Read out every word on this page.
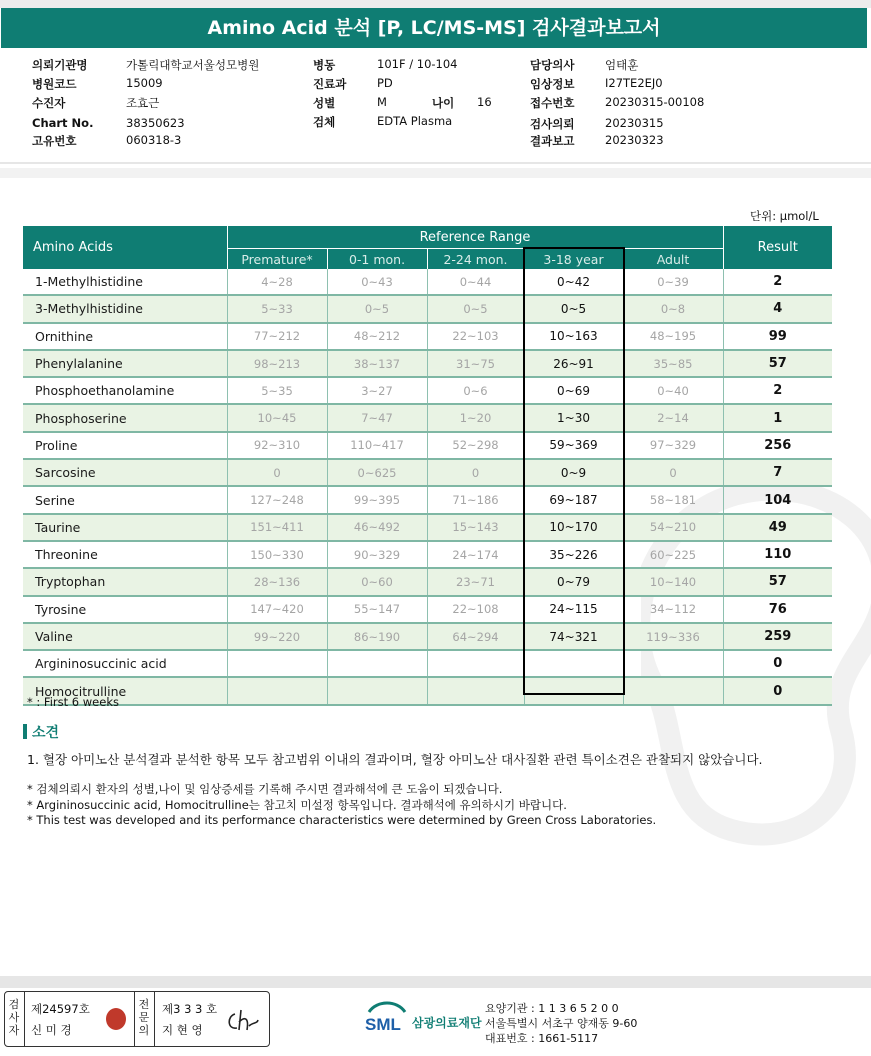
Amino Acid 분석 [P, LC/MS-MS] 검사결과보고서
의뢰기관명	가톨릭대학교서울성모병원
병원코드	15009
수진자	조효근
Chart No.	38350623
고유번호	060318-3
병동	101F / 10-104
진료과	PD
성별	M	나이 16
검체	EDTA Plasma
담당의사	엄태훈
임상정보	I27TE2EJ0
접수번호	20230315-00108
검사의뢰	20230315
결과보고	20230323
단위: μmol/L
Amino Acids	Reference Range					Result
	Premature*	0-1 mon.	2-24 mon.	3-18 year	Adult	
1-Methylhistidine	4~28	0~43	0~44	0~42	0~39	2
3-Methylhistidine	5~33	0~5	0~5	0~5	0~8	4
Ornithine	77~212	48~212	22~103	10~163	48~195	99
Phenylalanine	98~213	38~137	31~75	26~91	35~85	57
Phosphoethanolamine	5~35	3~27	0~6	0~69	0~40	2
Phosphoserine	10~45	7~47	1~20	1~30	2~14	1
Proline	92~310	110~417	52~298	59~369	97~329	256
Sarcosine	0	0~625	0	0~9	0	7
Serine	127~248	99~395	71~186	69~187	58~181	104
Taurine	151~411	46~492	15~143	10~170	54~210	49
Threonine	150~330	90~329	24~174	35~226	60~225	110
Tryptophan	28~136	0~60	23~71	0~79	10~140	57
Tyrosine	147~420	55~147	22~108	24~115	34~112	76
Valine	99~220	86~190	64~294	74~321	119~336	259
Argininosuccinic acid						0
Homocitrulline						0
* : First 6 weeks
소견
1. 혈장 아미노산 분석결과 분석한 항목 모두 참고범위 이내의 결과이며, 혈장 아미노산 대사질환 관련 특이소견은 관찰되지 않았습니다.
* 검체의뢰시 환자의 성별,나이 및 임상증세를 기록해 주시면 결과해석에 큰 도움이 되겠습니다.
* Argininosuccinic acid, Homocitrulline는 참고치 미설정 항목입니다. 결과해석에 유의하시기 바랍니다.
* This test was developed and its performance characteristics were determined by Green Cross Laboratories.
검
사
자
제24597호
신 미 경
전
문
의
제3 3 3 호
지 현 영	SML 삼광의료재단
요양기관 : 1 1 3 6 5 2 0 0
서울특별시 서초구 양재동 9-60
대표번호 : 1661-5117
